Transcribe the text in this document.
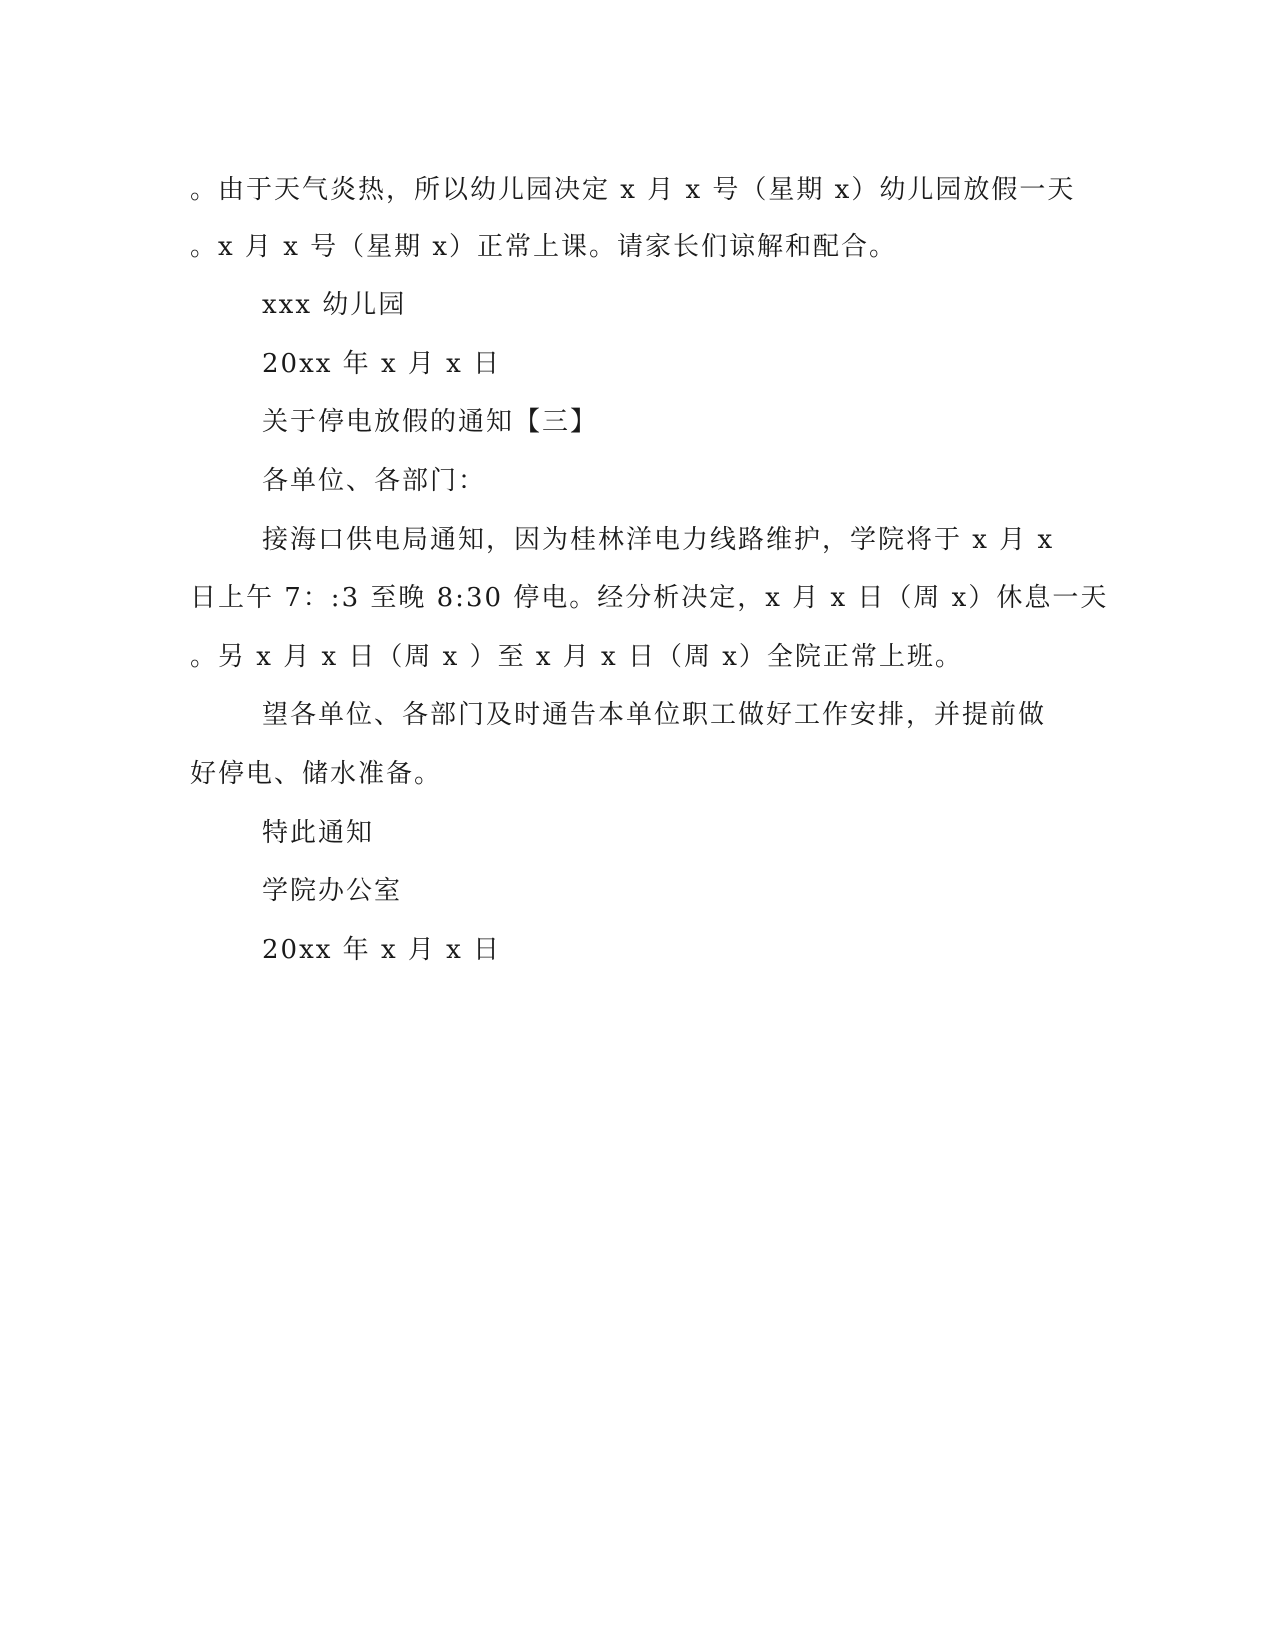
。由于天气炎热，所以幼儿园决定 x 月 x 号（星期 x）幼儿园放假一天
。x 月 x 号（星期 x）正常上课。请家长们谅解和配合。
xxx 幼儿园
20xx 年 x 月 x 日
关于停电放假的通知【三】
各单位、各部门：
接海口供电局通知，因为桂林洋电力线路维护，学院将于 x 月 x
日上午 7：:3 至晚 8:30 停电。经分析决定，x 月 x 日（周 x）休息一天
。另 x 月 x 日（周 x ）至 x 月 x 日（周 x）全院正常上班。
望各单位、各部门及时通告本单位职工做好工作安排，并提前做
好停电、储水准备。
特此通知
学院办公室
20xx 年 x 月 x 日
